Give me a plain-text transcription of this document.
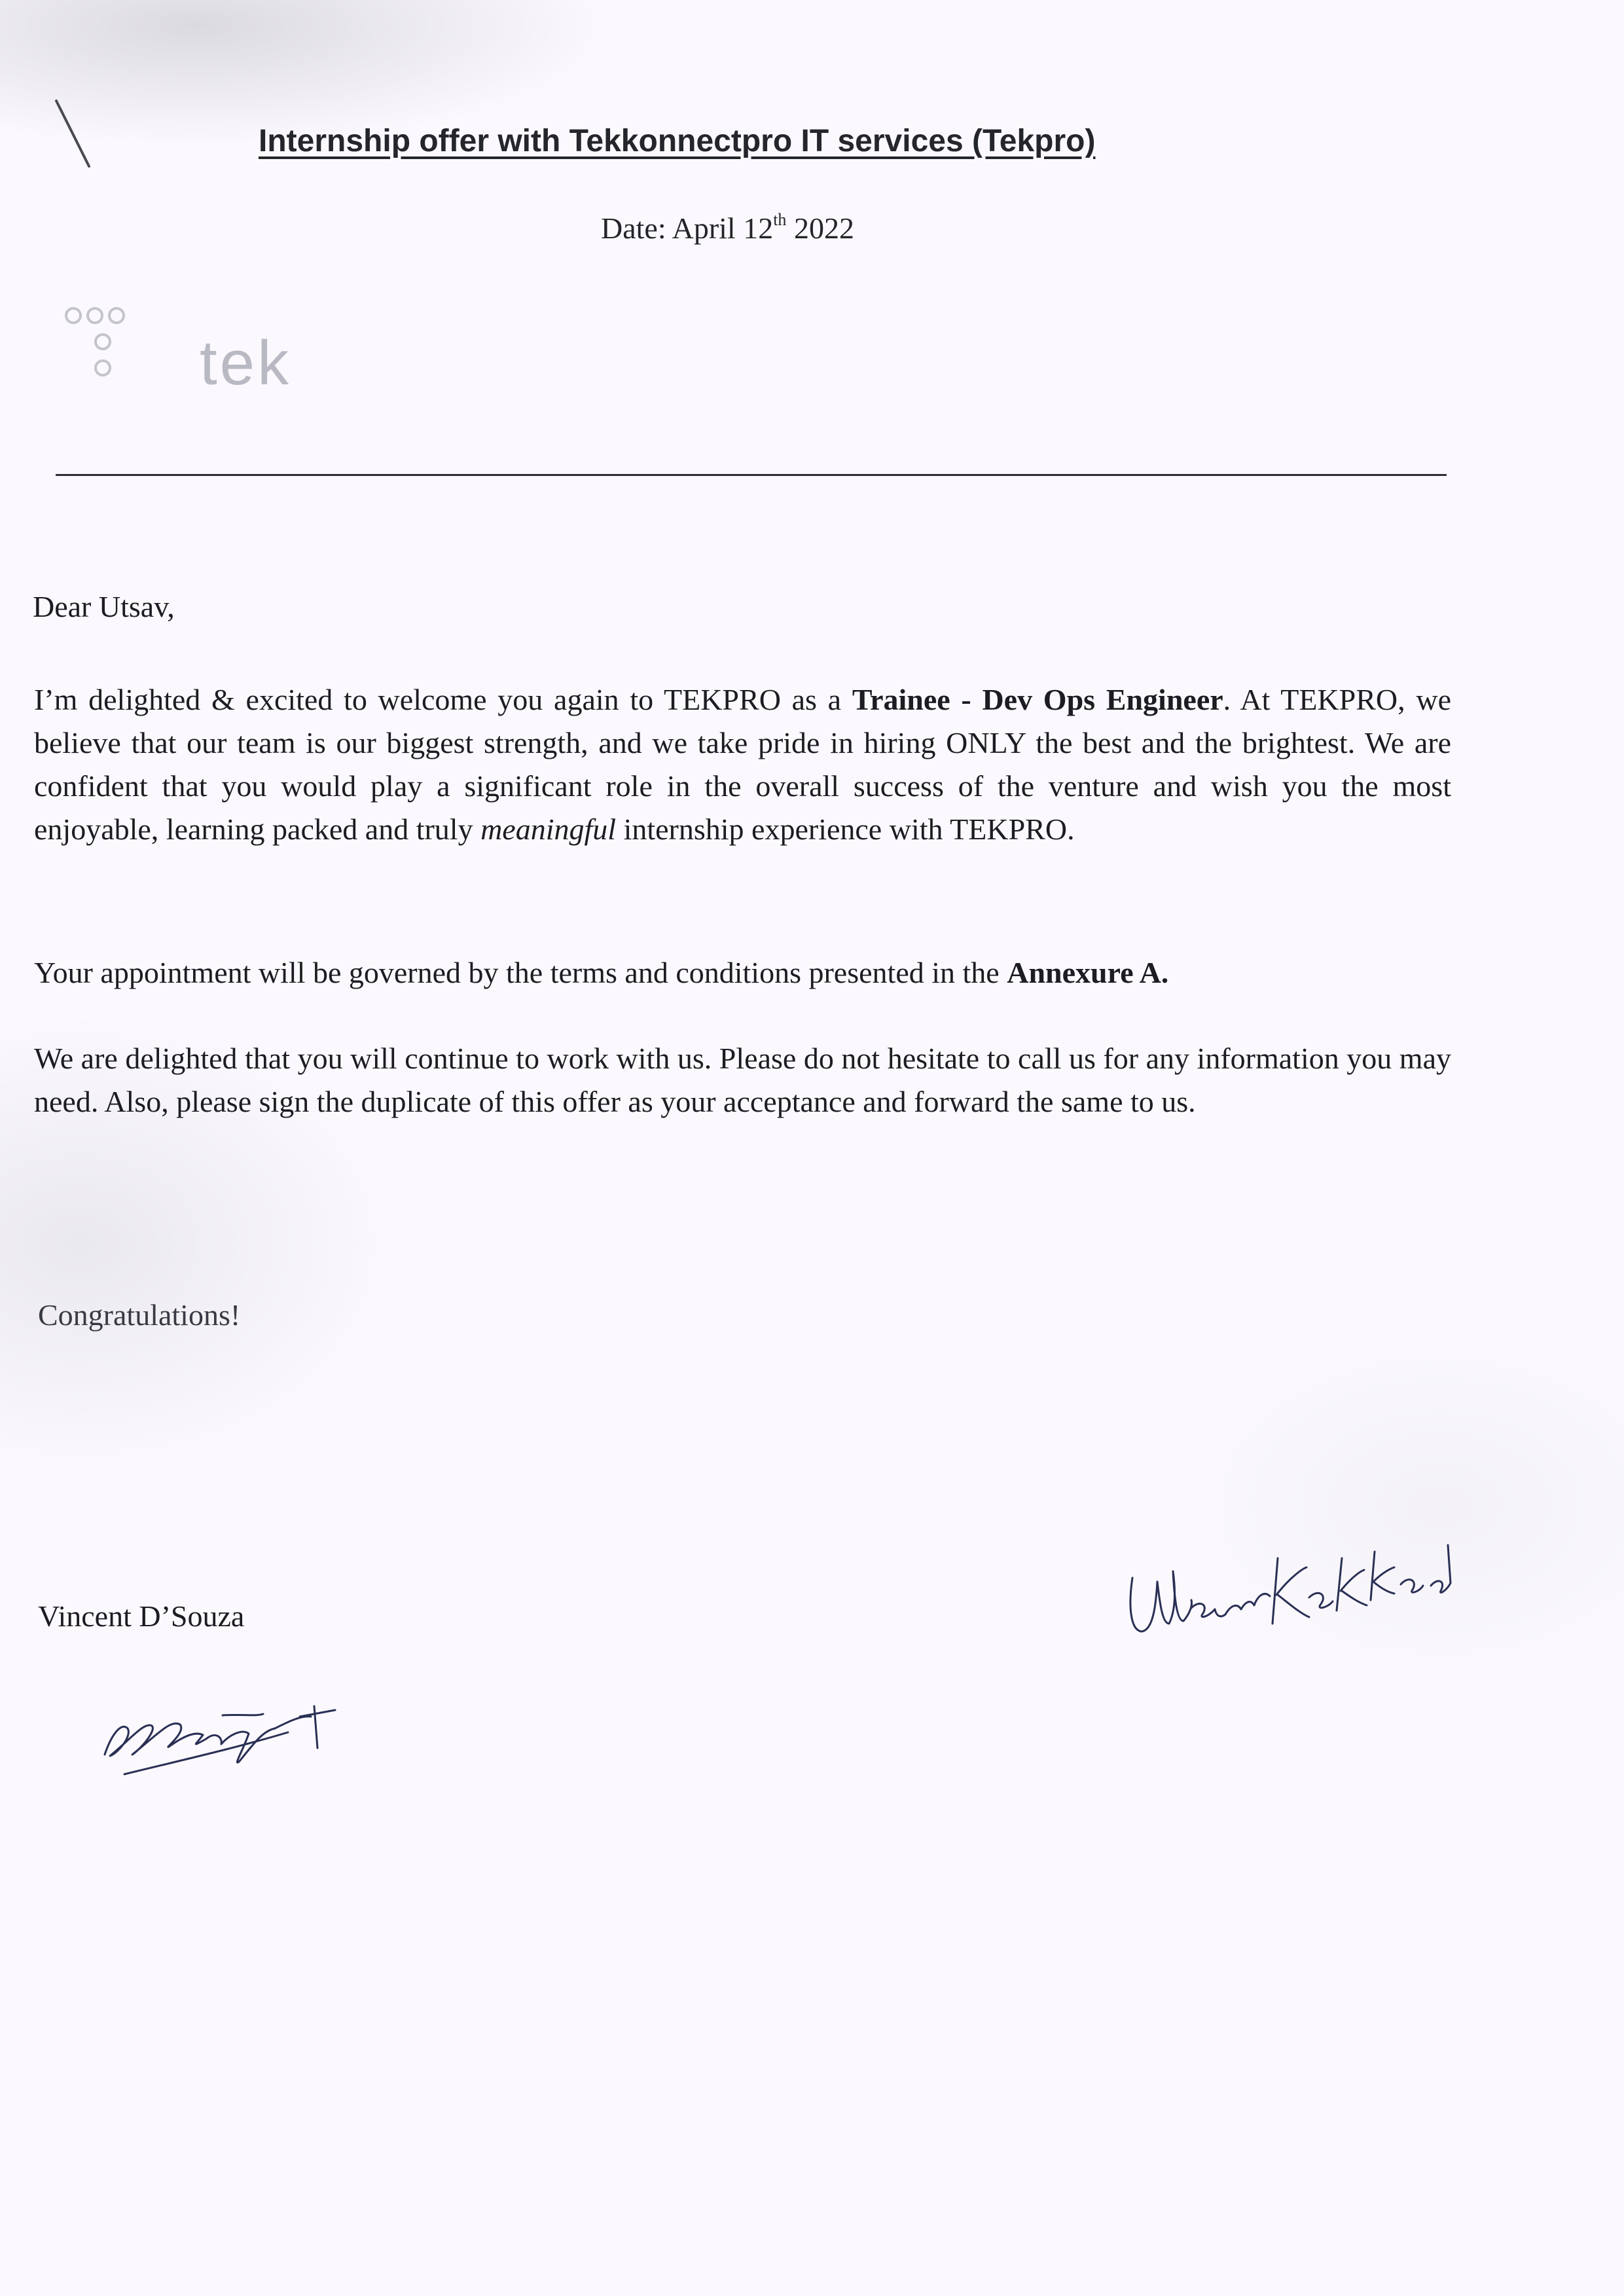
Internship offer with Tekkonnectpro IT services (Tekpro)
Date: April 12th 2022
tek
Dear Utsav,
I’m delighted & excited to welcome you again to TEKPRO as a Trainee - Dev Ops Engineer. At TEKPRO, we believe that our team is our biggest strength, and we take pride in hiring ONLY the best and the brightest. We are confident that you would play a significant role in the overall success of the venture and wish you the most enjoyable, learning packed and truly meaningful internship experience with TEKPRO.
Your appointment will be governed by the terms and conditions presented in the Annexure A.
We are delighted that you will continue to work with us. Please do not hesitate to call us for any information you may need. Also, please sign the duplicate of this offer as your acceptance and forward the same to us.
Congratulations!
Vincent D’Souza
